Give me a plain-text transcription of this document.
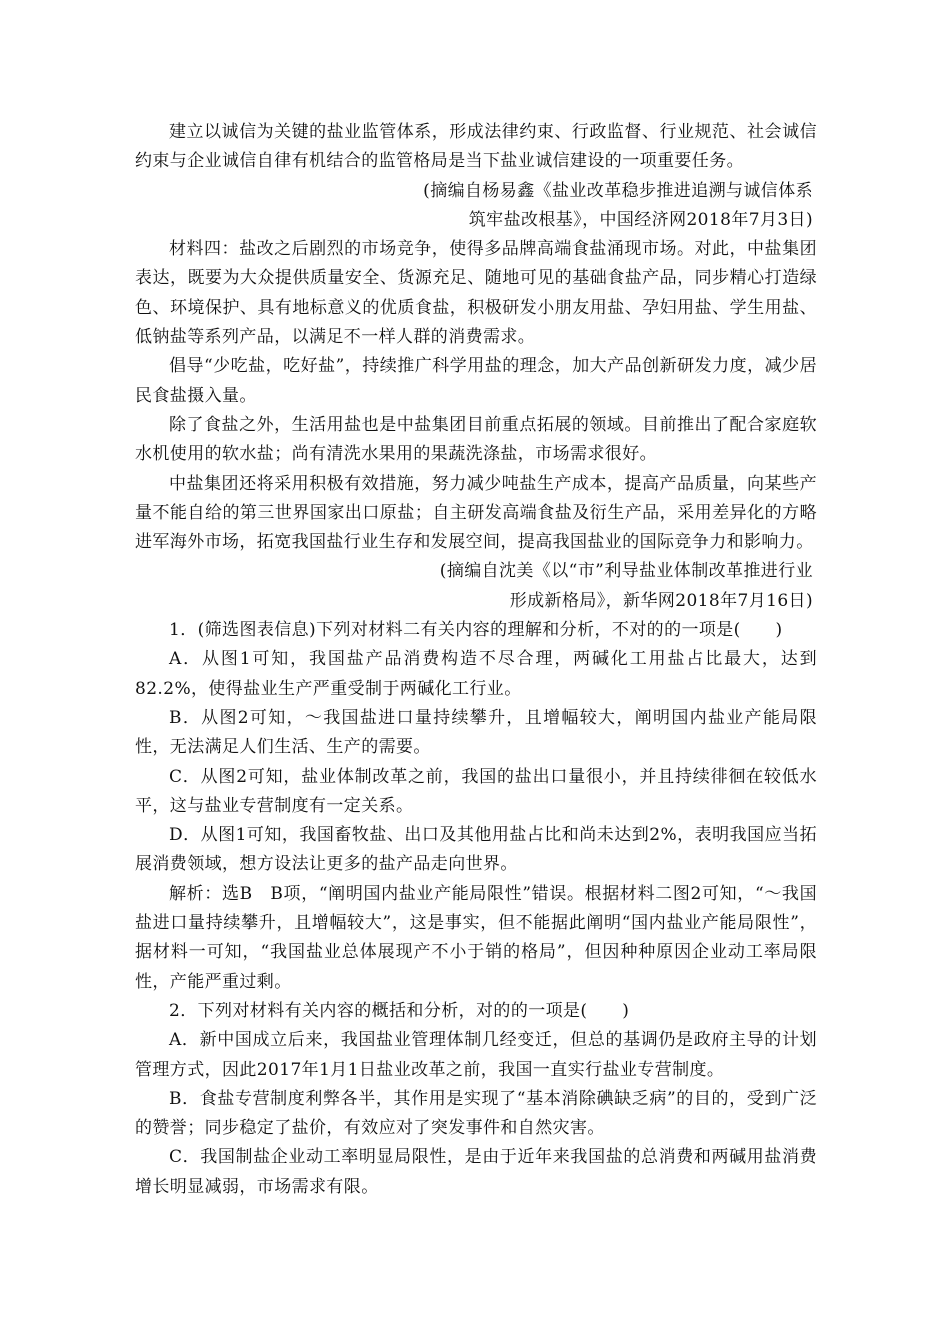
建立以诚信为关键的盐业监管体系，形成法律约束、行政监督、行业规范、社会诚信约束与企业诚信自律有机结合的监管格局是当下盐业诚信建设的一项重要任务。

(摘编自杨易鑫《盐业改革稳步推进追溯与诚信体系
筑牢盐改根基》，中国经济网2018年7月3日)

材料四：盐改之后剧烈的市场竞争，使得多品牌高端食盐涌现市场。对此，中盐集团表达，既要为大众提供质量安全、货源充足、随地可见的基础食盐产品，同步精心打造绿色、环境保护、具有地标意义的优质食盐，积极研发小朋友用盐、孕妇用盐、学生用盐、低钠盐等系列产品，以满足不一样人群的消费需求。

倡导“少吃盐，吃好盐”，持续推广科学用盐的理念，加大产品创新研发力度，减少居民食盐摄入量。

除了食盐之外，生活用盐也是中盐集团目前重点拓展的领域。目前推出了配合家庭软水机使用的软水盐；尚有清洗水果用的果蔬洗涤盐，市场需求很好。

中盐集团还将采用积极有效措施，努力减少吨盐生产成本，提高产品质量，向某些产量不能自给的第三世界国家出口原盐；自主研发高端食盐及衍生产品，采用差异化的方略进军海外市场，拓宽我国盐行业生存和发展空间，提高我国盐业的国际竞争力和影响力。

(摘编自沈美《以“市”利导盐业体制改革推进行业
形成新格局》，新华网2018年7月16日)

1．(筛选图表信息)下列对材料二有关内容的理解和分析，不对的的一项是(　　)

A．从图1可知，我国盐产品消费构造不尽合理，两碱化工用盐占比最大，达到82.2%，使得盐业生产严重受制于两碱化工行业。

B．从图2可知，～我国盐进口量持续攀升，且增幅较大，阐明国内盐业产能局限性，无法满足人们生活、生产的需要。

C．从图2可知，盐业体制改革之前，我国的盐出口量很小，并且持续徘徊在较低水平，这与盐业专营制度有一定关系。

D．从图1可知，我国畜牧盐、出口及其他用盐占比和尚未达到2%，表明我国应当拓展消费领域，想方设法让更多的盐产品走向世界。

解析：选B　B项，“阐明国内盐业产能局限性”错误。根据材料二图2可知，“～我国盐进口量持续攀升，且增幅较大”，这是事实，但不能据此阐明“国内盐业产能局限性”，据材料一可知，“我国盐业总体展现产不小于销的格局”，但因种种原因企业动工率局限性，产能严重过剩。

2．下列对材料有关内容的概括和分析，对的的一项是(　　)

A．新中国成立后来，我国盐业管理体制几经变迁，但总的基调仍是政府主导的计划管理方式，因此2017年1月1日盐业改革之前，我国一直实行盐业专营制度。

B．食盐专营制度利弊各半，其作用是实现了“基本消除碘缺乏病”的目的，受到广泛的赞誉；同步稳定了盐价，有效应对了突发事件和自然灾害。

C．我国制盐企业动工率明显局限性，是由于近年来我国盐的总消费和两碱用盐消费增长明显减弱，市场需求有限。
